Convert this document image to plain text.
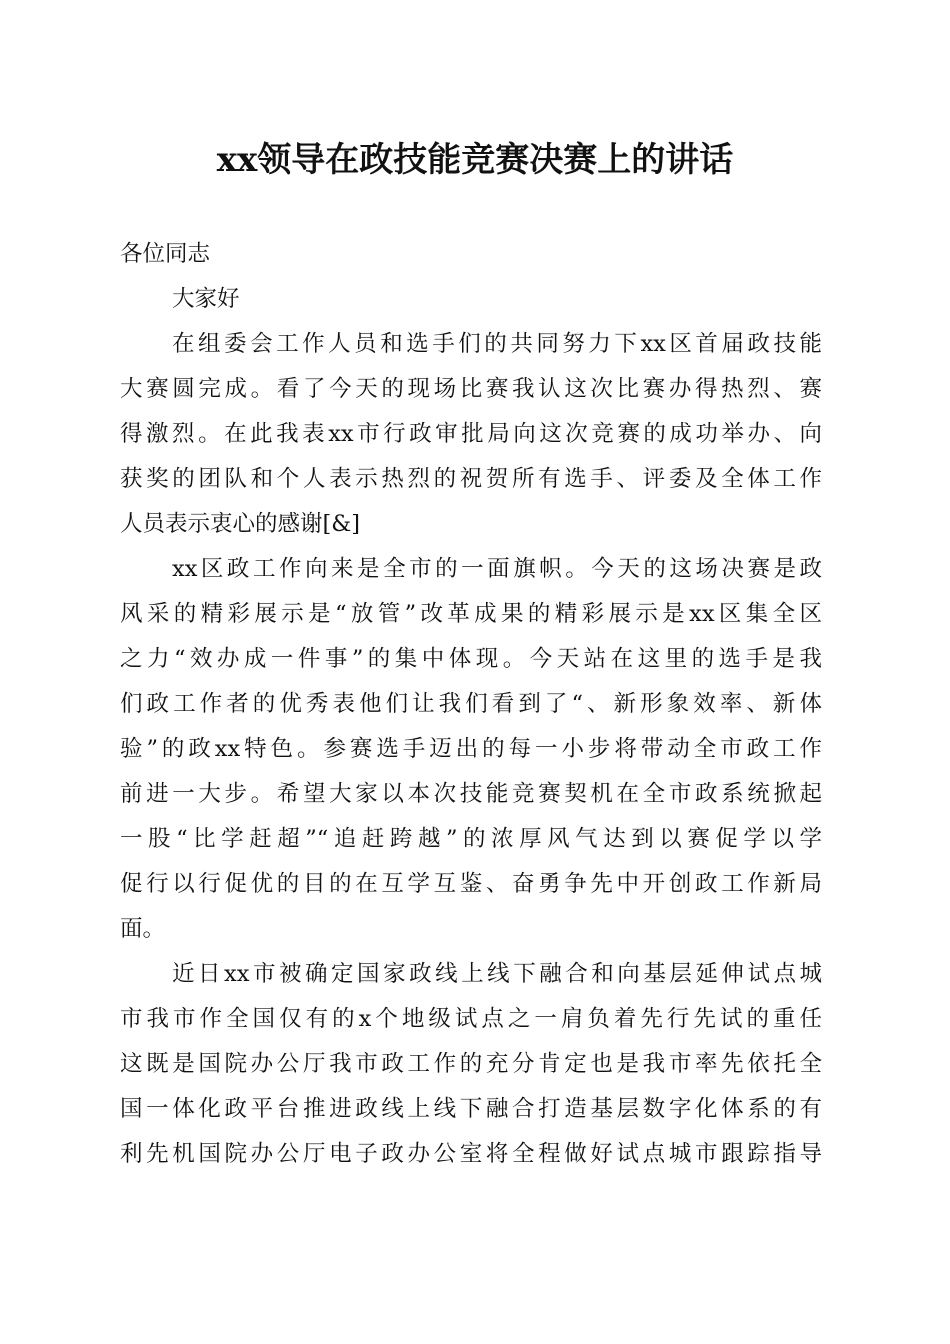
xx领导在政技能竞赛决赛上的讲话
各位同志
大家好
在组委会工作人员和选手们的共同努力下xx区首届政技能
大赛圆完成。看了今天的现场比赛我认这次比赛办得热烈、赛
得激烈。在此我表xx市行政审批局向这次竞赛的成功举办、向
获奖的团队和个人表示热烈的祝贺所有选手、评委及全体工作
人员表示衷心的感谢[&]
xx区政工作向来是全市的一面旗帜。今天的这场决赛是政
风采的精彩展示是“放管”改革成果的精彩展示是xx区集全区
之力“效办成一件事”的集中体现。今天站在这里的选手是我
们政工作者的优秀表他们让我们看到了“、新形象效率、新体
验”的政xx特色。参赛选手迈出的每一小步将带动全市政工作
前进一大步。希望大家以本次技能竞赛契机在全市政系统掀起
一股“比学赶超”“追赶跨越”的浓厚风气达到以赛促学以学
促行以行促优的目的在互学互鉴、奋勇争先中开创政工作新局
面。
近日xx市被确定国家政线上线下融合和向基层延伸试点城
市我市作全国仅有的x个地级试点之一肩负着先行先试的重任
这既是国院办公厅我市政工作的充分肯定也是我市率先依托全
国一体化政平台推进政线上线下融合打造基层数字化体系的有
利先机国院办公厅电子政办公室将全程做好试点城市跟踪指导
